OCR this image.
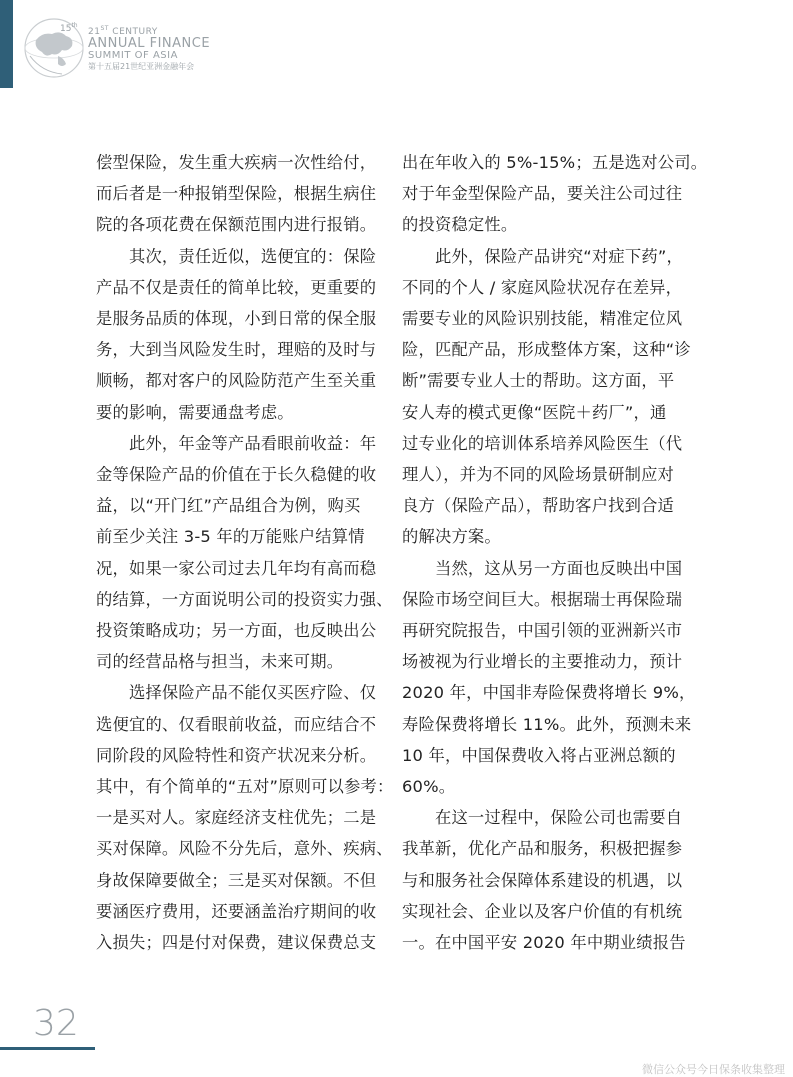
15th
21ST CENTURY
ANNUAL FINANCE
SUMMIT OF ASIA
第十五届21世纪亚洲金融年会

偿型保险，发生重大疾病一次性给付，

而后者是一种报销型保险，根据生病住

院的各项花费在保额范围内进行报销。

　　其次，责任近似，选便宜的：保险

产品不仅是责任的简单比较，更重要的

是服务品质的体现，小到日常的保全服

务，大到当风险发生时，理赔的及时与

顺畅，都对客户的风险防范产生至关重

要的影响，需要通盘考虑。

　　此外，年金等产品看眼前收益：年

金等保险产品的价值在于长久稳健的收

益，以“开门红”产品组合为例，购买

前至少关注 3-5 年的万能账户结算情

况，如果一家公司过去几年均有高而稳

的结算，一方面说明公司的投资实力强、

投资策略成功；另一方面，也反映出公

司的经营品格与担当，未来可期。

　　选择保险产品不能仅买医疗险、仅

选便宜的、仅看眼前收益，而应结合不

同阶段的风险特性和资产状况来分析。

其中，有个简单的“五对”原则可以参考：

一是买对人。家庭经济支柱优先；二是

买对保障。风险不分先后，意外、疾病、

身故保障要做全；三是买对保额。不但

要涵医疗费用，还要涵盖治疗期间的收

入损失；四是付对保费，建议保费总支

出在年收入的 5%-15%；五是选对公司。

对于年金型保险产品，要关注公司过往

的投资稳定性。

　　此外，保险产品讲究“对症下药”，

不同的个人 / 家庭风险状况存在差异，

需要专业的风险识别技能，精准定位风

险，匹配产品，形成整体方案，这种“诊

断”需要专业人士的帮助。这方面，平

安人寿的模式更像“医院＋药厂”，通

过专业化的培训体系培养风险医生（代

理人），并为不同的风险场景研制应对

良方（保险产品），帮助客户找到合适

的解决方案。

　　当然，这从另一方面也反映出中国

保险市场空间巨大。根据瑞士再保险瑞

再研究院报告，中国引领的亚洲新兴市

场被视为行业增长的主要推动力，预计

2020 年，中国非寿险保费将增长 9%，

寿险保费将增长 11%。此外，预测未来

10 年，中国保费收入将占亚洲总额的

60%。

　　在这一过程中，保险公司也需要自

我革新，优化产品和服务，积极把握参

与和服务社会保障体系建设的机遇，以

实现社会、企业以及客户价值的有机统

一。在中国平安 2020 年中期业绩报告

32
微信公众号今日保条收集整理
